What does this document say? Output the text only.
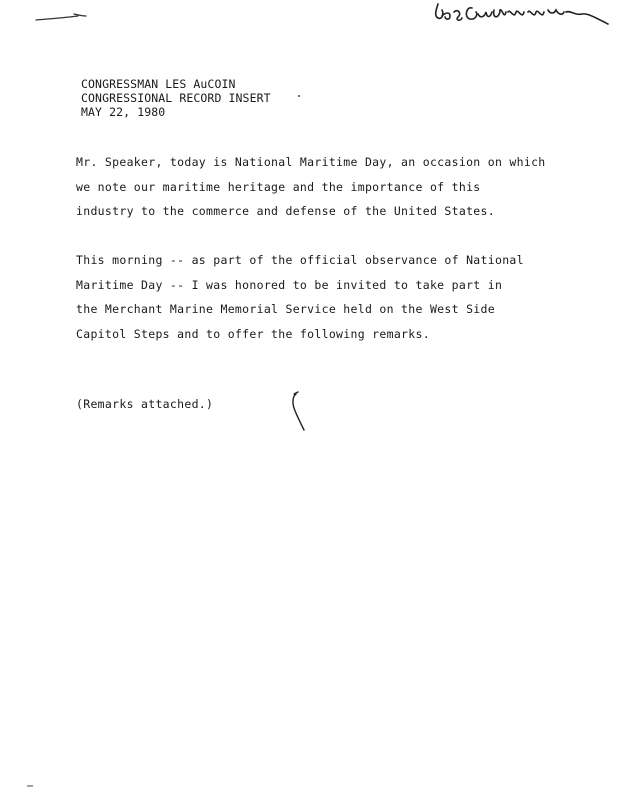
CONGRESSMAN LES AuCOIN
CONGRESSIONAL RECORD INSERT
MAY 22, 1980
Mr. Speaker, today is National Maritime Day, an occasion on which
we note our maritime heritage and the importance of this
industry to the commerce and defense of the United States.
This morning -- as part of the official observance of National
Maritime Day -- I was honored to be invited to take part in
the Merchant Marine Memorial Service held on the West Side
Capitol Steps and to offer the following remarks.
(Remarks attached.)
